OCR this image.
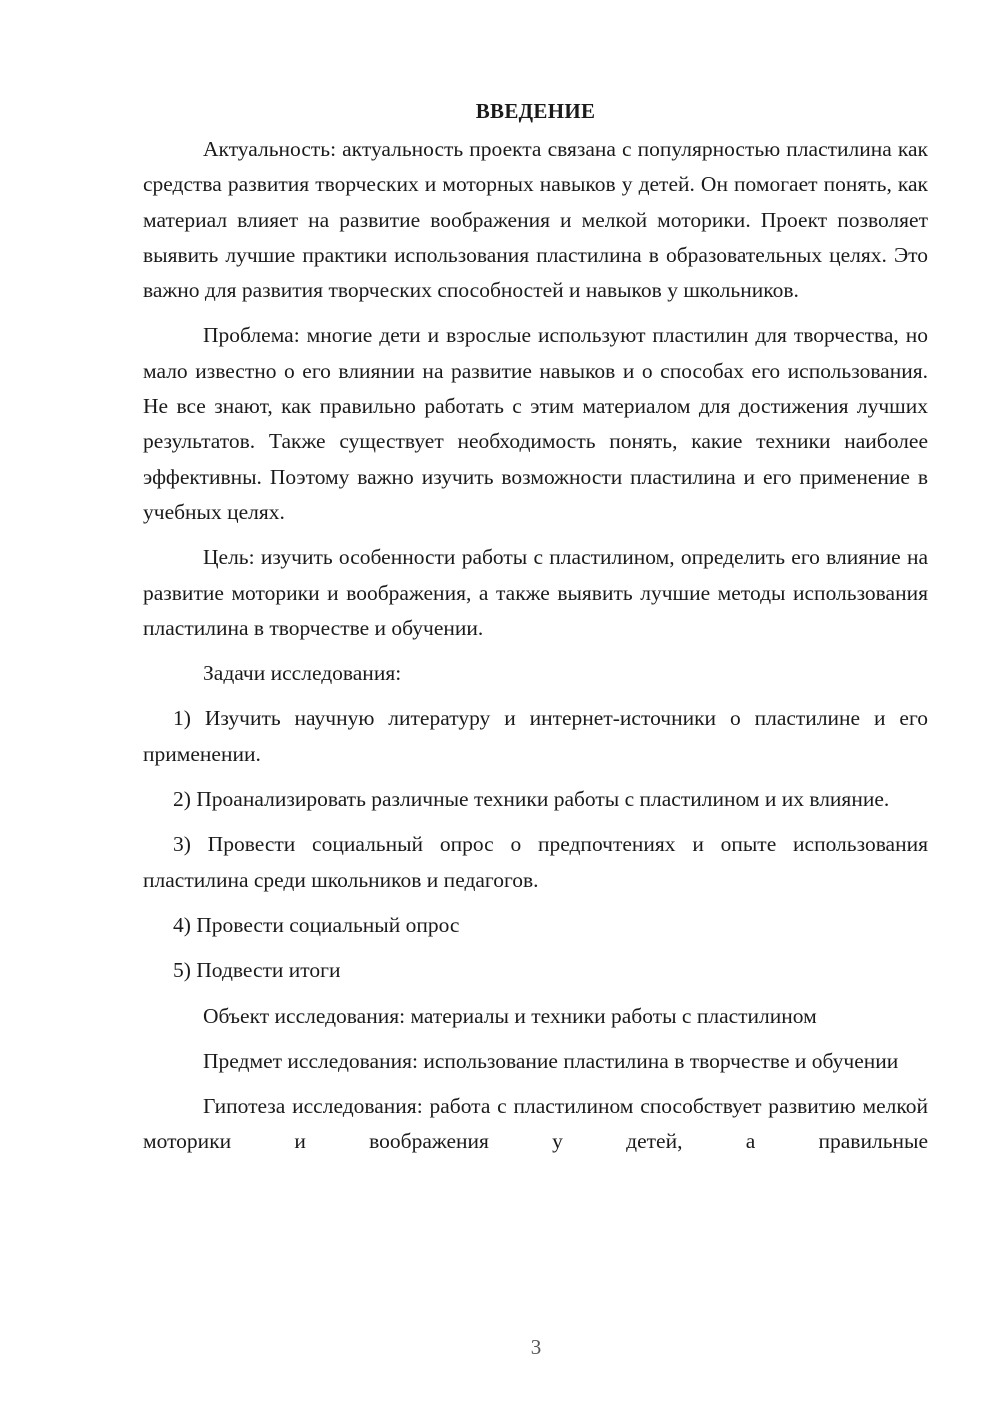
ВВЕДЕНИЕ

Актуальность: актуальность проекта связана с популярностью пластилина как средства развития творческих и моторных навыков у детей. Он помогает понять, как материал влияет на развитие воображения и мелкой моторики. Проект позволяет выявить лучшие практики использования пластилина в образовательных целях. Это важно для развития творческих способностей и навыков у школьников.

Проблема: многие дети и взрослые используют пластилин для творчества, но мало известно о его влиянии на развитие навыков и о способах его использования. Не все знают, как правильно работать с этим материалом для достижения лучших результатов. Также существует необходимость понять, какие техники наиболее эффективны. Поэтому важно изучить возможности пластилина и его применение в учебных целях.

Цель: изучить особенности работы с пластилином, определить его влияние на развитие моторики и воображения, а также выявить лучшие методы использования пластилина в творчестве и обучении.

Задачи исследования:

1) Изучить научную литературу и интернет-источники о пластилине и его применении.

2) Проанализировать различные техники работы с пластилином и их влияние.

3) Провести социальный опрос о предпочтениях и опыте использования пластилина среди школьников и педагогов.

4) Провести социальный опрос

5) Подвести итоги

Объект исследования: материалы и техники работы с пластилином

Предмет исследования: использование пластилина в творчестве и обучении

Гипотеза исследования: работа с пластилином способствует развитию мелкой моторики и воображения у детей, а правильные

3
